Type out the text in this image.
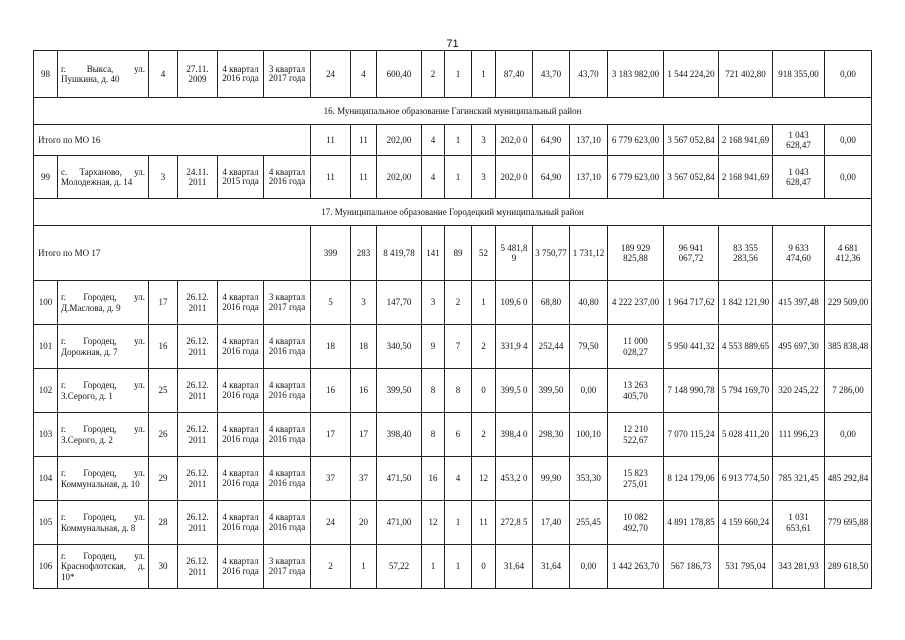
71
98	г. Выкса, ул. Пушкина, д. 40	4	27.11. 2009	4 квартал 2016 года	3 квартал 2017 года	24	4	600,40	2	1	1	87,40	43,70	43,70	3 183 982,00	1 544 224,20	721 402,80	918 355,00	0,00
16. Муниципальное образование Гагинский муниципальный район																			
Итого по МО 16						11	11	202,00	4	1	3	202,0 0	64,90	137,10	6 779 623,00	3 567 052,84	2 168 941,69	1 043 628,47	0,00
99	с. Тарханово, ул. Молодежная, д. 14	3	24.11. 2011	4 квартал 2015 года	4 квартал 2016 года	11	11	202,00	4	1	3	202,0 0	64,90	137,10	6 779 623,00	3 567 052,84	2 168 941,69	1 043 628,47	0,00
17. Муниципальное образование Городецкий муниципальный район																			
Итого по МО 17						399	283	8 419,78	141	89	52	5 481,8 9	3 750,77	1 731,12	189 929 825,88	96 941 067,72	83 355 283,56	9 633 474,60	4 681 412,36
100	г. Городец, ул. Д.Маслова, д. 9	17	26.12. 2011	4 квартал 2016 года	3 квартал 2017 года	5	3	147,70	3	2	1	109,6 0	68,80	40,80	4 222 237,00	1 964 717,62	1 842 121,90	415 397,48	229 509,00
101	г. Городец, ул. Дорожная, д. 7	16	26.12. 2011	4 квартал 2016 года	4 квартал 2016 года	18	18	340,50	9	7	2	331,9 4	252,44	79,50	11 000 028,27	5 950 441,32	4 553 889,65	495 697,30	385 838,48
102	г. Городец, ул. З.Серого, д. 1	25	26.12. 2011	4 квартал 2016 года	4 квартал 2016 года	16	16	399,50	8	8	0	399,5 0	399,50	0,00	13 263 405,70	7 148 990,78	5 794 169,70	320 245,22	7 286,00
103	г. Городец, ул. З.Серого, д. 2	26	26.12. 2011	4 квартал 2016 года	4 квартал 2016 года	17	17	398,40	8	6	2	398,4 0	298,30	100,10	12 210 522,67	7 070 115,24	5 028 411,20	111 996,23	0,00
104	г. Городец, ул. Коммунальная, д. 10	29	26.12. 2011	4 квартал 2016 года	4 квартал 2016 года	37	37	471,50	16	4	12	453,2 0	99,90	353,30	15 823 275,01	8 124 179,06	6 913 774,50	785 321,45	485 292,84
105	г. Городец, ул. Коммунальная, д. 8	28	26.12. 2011	4 квартал 2016 года	4 квартал 2016 года	24	20	471,00	12	1	11	272,8 5	17,40	255,45	10 082 492,70	4 891 178,85	4 159 660,24	1 031 653,61	779 695,88
106	г. Городец, ул. Краснофлотская, д. 10*	30	26.12. 2011	4 квартал 2016 года	3 квартал 2017 года	2	1	57,22	1	1	0	31,64	31,64	0,00	1 442 263,70	567 186,73	531 795,04	343 281,93	289 618,50
